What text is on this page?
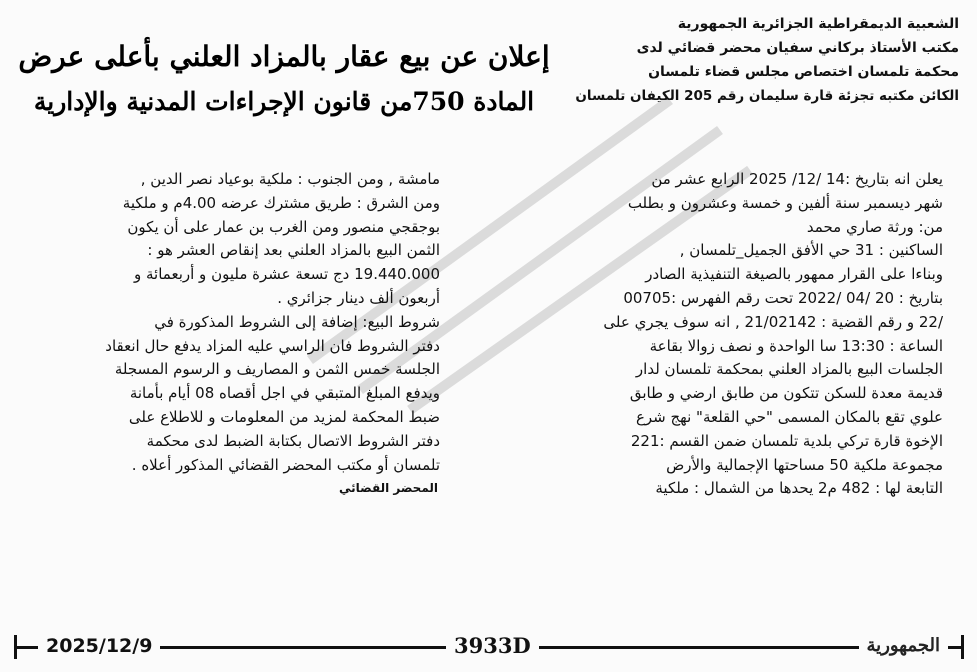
الشعبية الديمقراطية الجزائرية الجمهورية
مكتب الأستاذ بركاني سفيان محضر قضائي لدى
محكمة تلمسان اختصاص مجلس قضاء تلمسان
الكائن مكتبه تجزئة قارة سليمان رقم 205 الكيفان تلمسان
إعلان عن بيع عقار بالمزاد العلني بأعلى عرض
المادة 750من قانون الإجراءات المدنية والإدارية
يعلن انه بتاريخ :14 /12/ 2025 الرابع عشر من
شهر ديسمبر سنة ألفين و خمسة وعشرون و بطلب
من: ورثة صاري محمد
الساكنين : 31 حي الأفق الجميل_تلمسان ,
وبناءا على القرار ممهور بالصيغة التنفيذية الصادر
بتاريخ : 20 /04 /2022 تحت رقم الفهرس :00705
/22 و رقم القضية : 21/02142 , انه سوف يجري على
الساعة : 13:30 سا الواحدة و نصف زوالا بقاعة
الجلسات البيع بالمزاد العلني بمحكمة تلمسان لدار
قديمة معدة للسكن تتكون من طابق ارضي و طابق
علوي تقع بالمكان المسمى "حي القلعة" نهج شرع
الإخوة قارة تركي بلدية تلمسان ضمن القسم :221
مجموعة ملكية 50 مساحتها الإجمالية والأرض
التابعة لها : 482 م2 يحدها من الشمال : ملكية
مامشة , ومن الجنوب : ملكية بوعياد نصر الدين ,
ومن الشرق : طريق مشترك عرضه 4.00م و ملكية
بوجقجي منصور ومن الغرب بن عمار على أن يكون
الثمن البيع بالمزاد العلني بعد إنقاص العشر هو :
19.440.000 دج تسعة عشرة مليون و أربعمائة و
أربعون ألف دينار جزائري .
شروط البيع: إضافة إلى الشروط المذكورة في
دفتر الشروط فان الراسي عليه المزاد يدفع حال انعقاد
الجلسة خمس الثمن و المصاريف و الرسوم المسجلة
ويدفع المبلغ المتبقي في اجل أقصاه 08 أيام بأمانة
ضبط المحكمة لمزيد من المعلومات و للاطلاع على
دفتر الشروط الاتصال بكتابة الضبط لدى محكمة
تلمسان أو مكتب المحضر القضائي المذكور أعلاه .
المحضر القضائي
2025/12/9	3933D	الجمهورية
